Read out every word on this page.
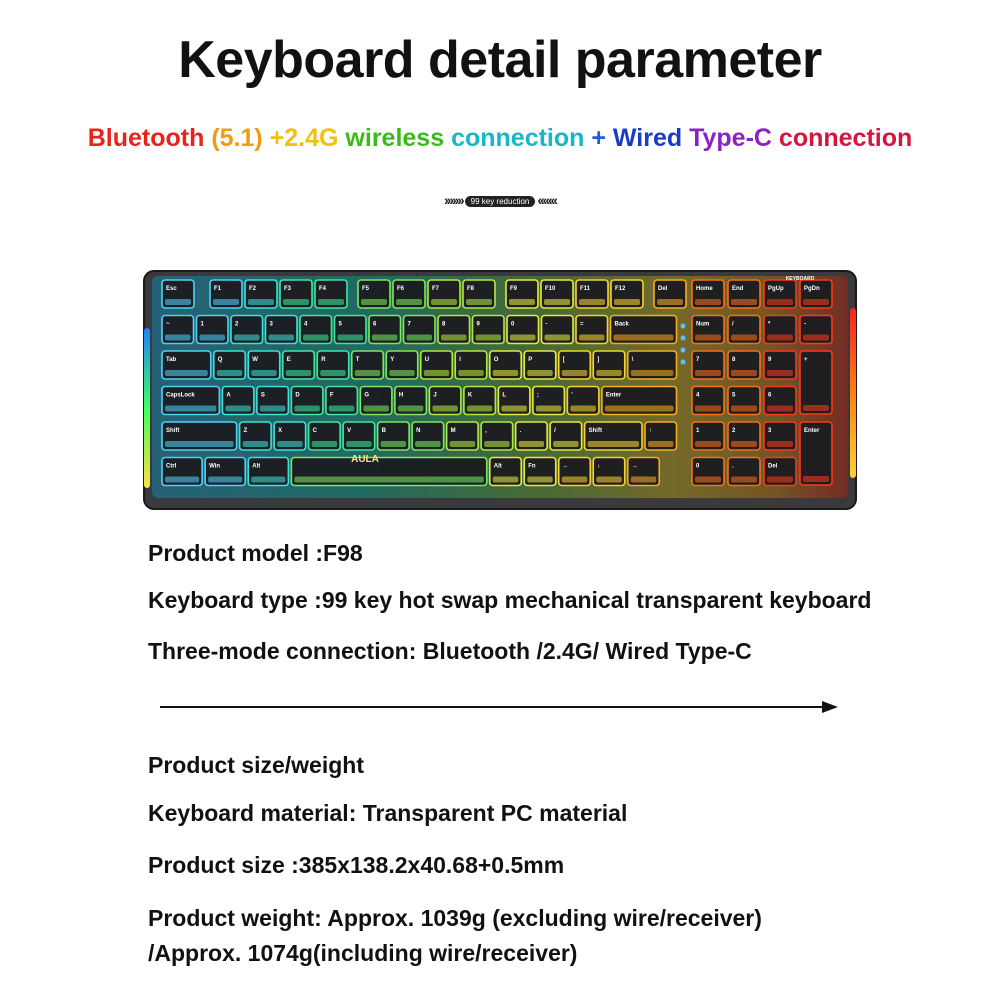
Keyboard detail parameter
Bluetooth (5.1) +2.4G wireless connection + Wired Type-C connection
››››››› 99 key reduction ‹‹‹‹‹‹‹
Esc	F1	F2	F3	F4	F5	F6	F7	F8	F9	F10	F11	F12	Del
~	1	2	3	4	5	6	7	8	9	0	-	=	Back
Tab	Q	W	E	R	T	Y	U	I	O	P	[	]	\
CapsLock	A	S	D	F	G	H	J	K	L	;	'	Enter
Shift	Z	X	C	V	B	N	M	,	.	/	Shift	↑
Ctrl	Win	Alt	Alt	Fn	←	↓	→
Home	End	PgUp	PgDn
Num	/	*	-
7	8	9	+
4	5	6
1	2	3	Enter
0	.	Del
KEYBOARD
AULA
Product model :F98
Keyboard type :99 key hot swap mechanical transparent keyboard
Three-mode connection: Bluetooth /2.4G/ Wired Type-C
Product size/weight
Keyboard material: Transparent PC material
Product size :385x138.2x40.68+0.5mm
Product weight: Approx. 1039g (excluding wire/receiver)
/Approx. 1074g(including wire/receiver)
